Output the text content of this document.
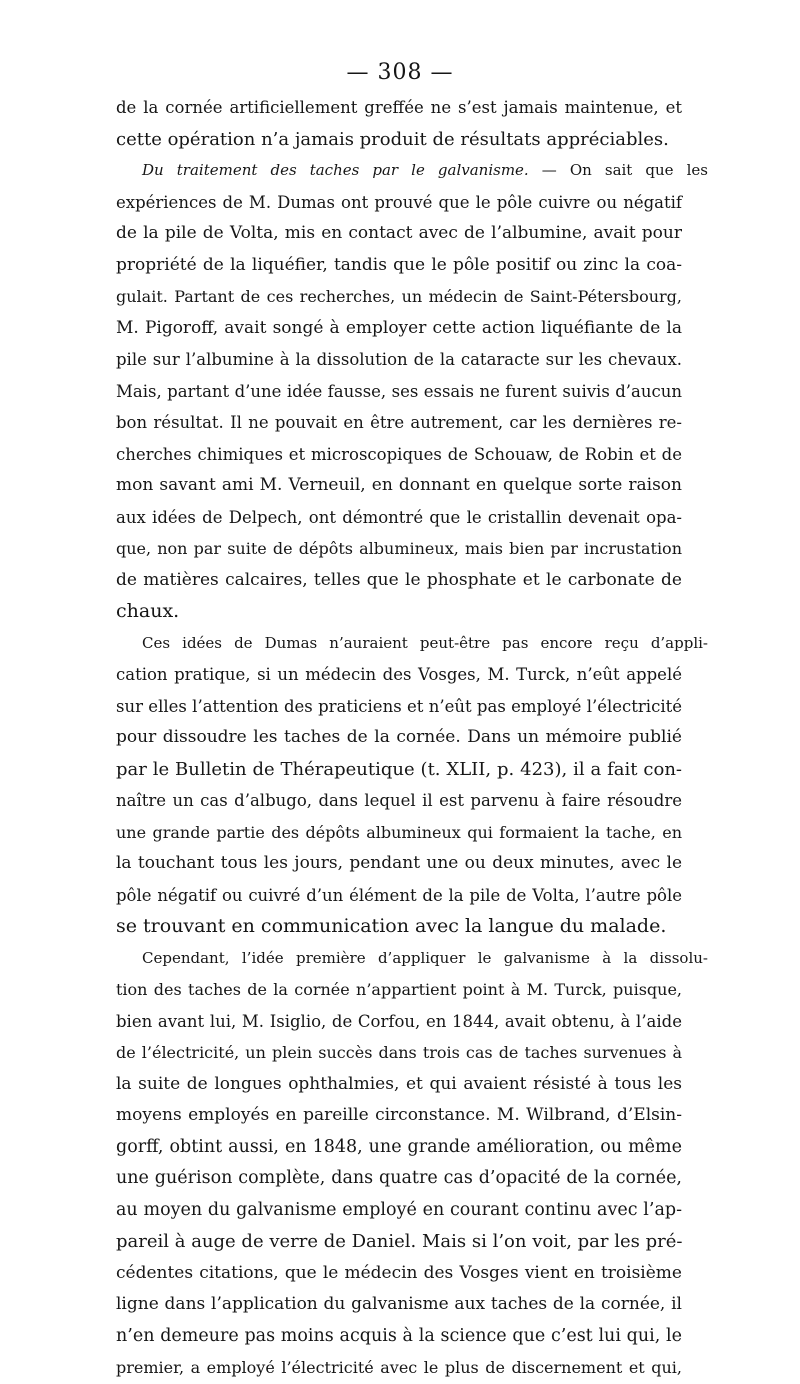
— 308 —
de la cornée artificiellement greffée ne s’est jamais maintenue, et
cette opération n’a jamais produit de résultats appréciables.
Du traitement des taches par le galvanisme. — On sait que les
expériences de M. Dumas ont prouvé que le pôle cuivre ou négatif
de la pile de Volta, mis en contact avec de l’albumine, avait pour
propriété de la liquéfier, tandis que le pôle positif ou zinc la coa-
gulait. Partant de ces recherches, un médecin de Saint-Pétersbourg,
M. Pigoroff, avait songé à employer cette action liquéfiante de la
pile sur l’albumine à la dissolution de la cataracte sur les chevaux.
Mais, partant d’une idée fausse, ses essais ne furent suivis d’aucun
bon résultat. Il ne pouvait en être autrement, car les dernières re-
cherches chimiques et microscopiques de Schouaw, de Robin et de
mon savant ami M. Verneuil, en donnant en quelque sorte raison
aux idées de Delpech, ont démontré que le cristallin devenait opa-
que, non par suite de dépôts albumineux, mais bien par incrustation
de matières calcaires, telles que le phosphate et le carbonate de
chaux.
Ces idées de Dumas n’auraient peut-être pas encore reçu d’appli-
cation pratique, si un médecin des Vosges, M. Turck, n’eût appelé
sur elles l’attention des praticiens et n’eût pas employé l’électricité
pour dissoudre les taches de la cornée. Dans un mémoire publié
par le Bulletin de Thérapeutique (t. XLII, p. 423), il a fait con-
naître un cas d’albugo, dans lequel il est parvenu à faire résoudre
une grande partie des dépôts albumineux qui formaient la tache, en
la touchant tous les jours, pendant une ou deux minutes, avec le
pôle négatif ou cuivré d’un élément de la pile de Volta, l’autre pôle
se trouvant en communication avec la langue du malade.
Cependant, l’idée première d’appliquer le galvanisme à la dissolu-
tion des taches de la cornée n’appartient point à M. Turck, puisque,
bien avant lui, M. Isiglio, de Corfou, en 1844, avait obtenu, à l’aide
de l’électricité, un plein succès dans trois cas de taches survenues à
la suite de longues ophthalmies, et qui avaient résisté à tous les
moyens employés en pareille circonstance. M. Wilbrand, d’Elsin-
gorff, obtint aussi, en 1848, une grande amélioration, ou même
une guérison complète, dans quatre cas d’opacité de la cornée,
au moyen du galvanisme employé en courant continu avec l’ap-
pareil à auge de verre de Daniel. Mais si l’on voit, par les pré-
cédentes citations, que le médecin des Vosges vient en troisième
ligne dans l’application du galvanisme aux taches de la cornée, il
n’en demeure pas moins acquis à la science que c’est lui qui, le
premier, a employé l’électricité avec le plus de discernement et qui,
